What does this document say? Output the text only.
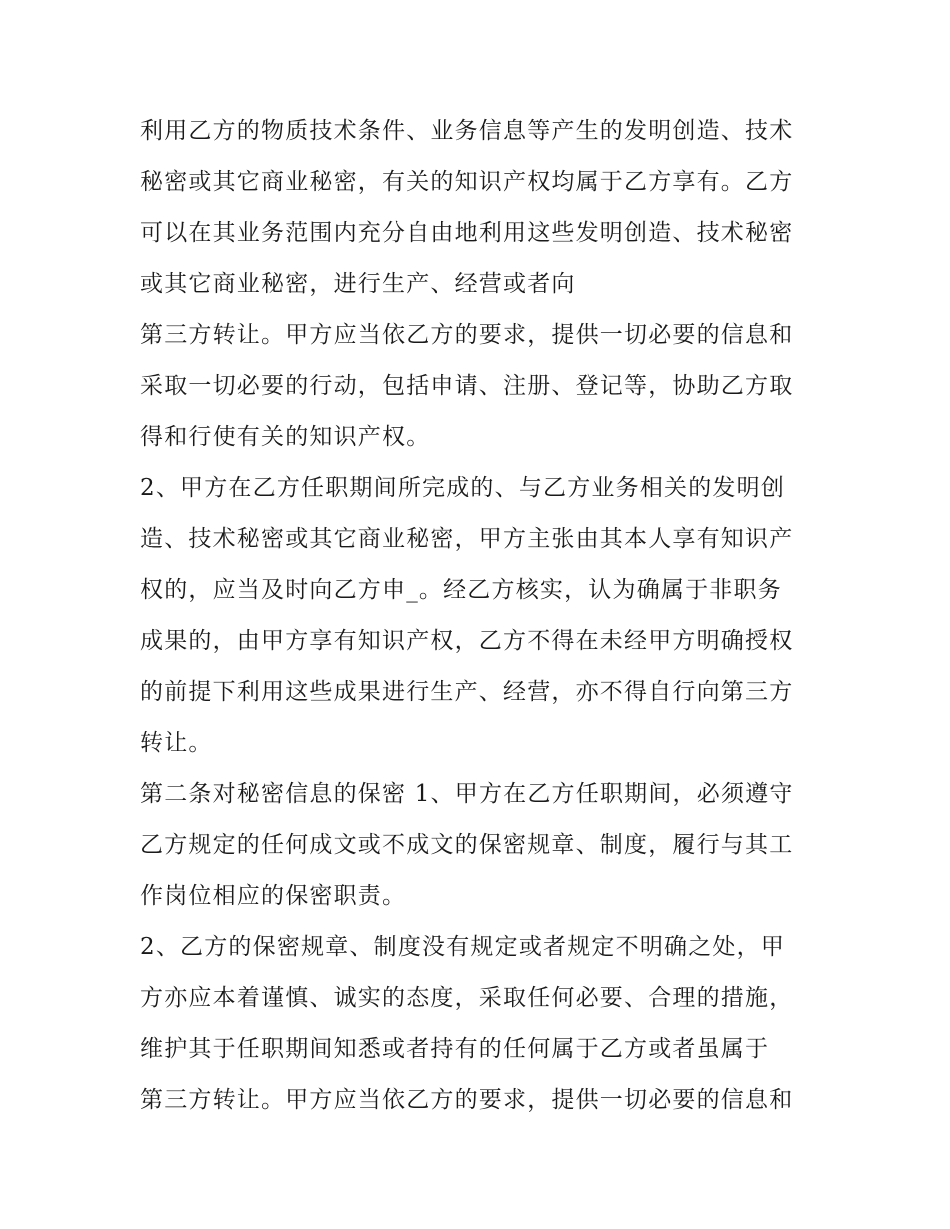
利用乙方的物质技术条件、业务信息等产生的发明创造、技术
秘密或其它商业秘密，有关的知识产权均属于乙方享有。乙方
可以在其业务范围内充分自由地利用这些发明创造、技术秘密
或其它商业秘密，进行生产、经营或者向
第三方转让。甲方应当依乙方的要求，提供一切必要的信息和
采取一切必要的行动，包括申请、注册、登记等，协助乙方取
得和行使有关的知识产权。
2、甲方在乙方任职期间所完成的、与乙方业务相关的发明创
造、技术秘密或其它商业秘密，甲方主张由其本人享有知识产
权的，应当及时向乙方申_。经乙方核实，认为确属于非职务
成果的，由甲方享有知识产权，乙方不得在未经甲方明确授权
的前提下利用这些成果进行生产、经营，亦不得自行向第三方
转让。
第二条对秘密信息的保密 1、甲方在乙方任职期间，必须遵守
乙方规定的任何成文或不成文的保密规章、制度，履行与其工
作岗位相应的保密职责。
2、乙方的保密规章、制度没有规定或者规定不明确之处，甲
方亦应本着谨慎、诚实的态度，采取任何必要、合理的措施，
维护其于任职期间知悉或者持有的任何属于乙方或者虽属于
第三方转让。甲方应当依乙方的要求，提供一切必要的信息和
